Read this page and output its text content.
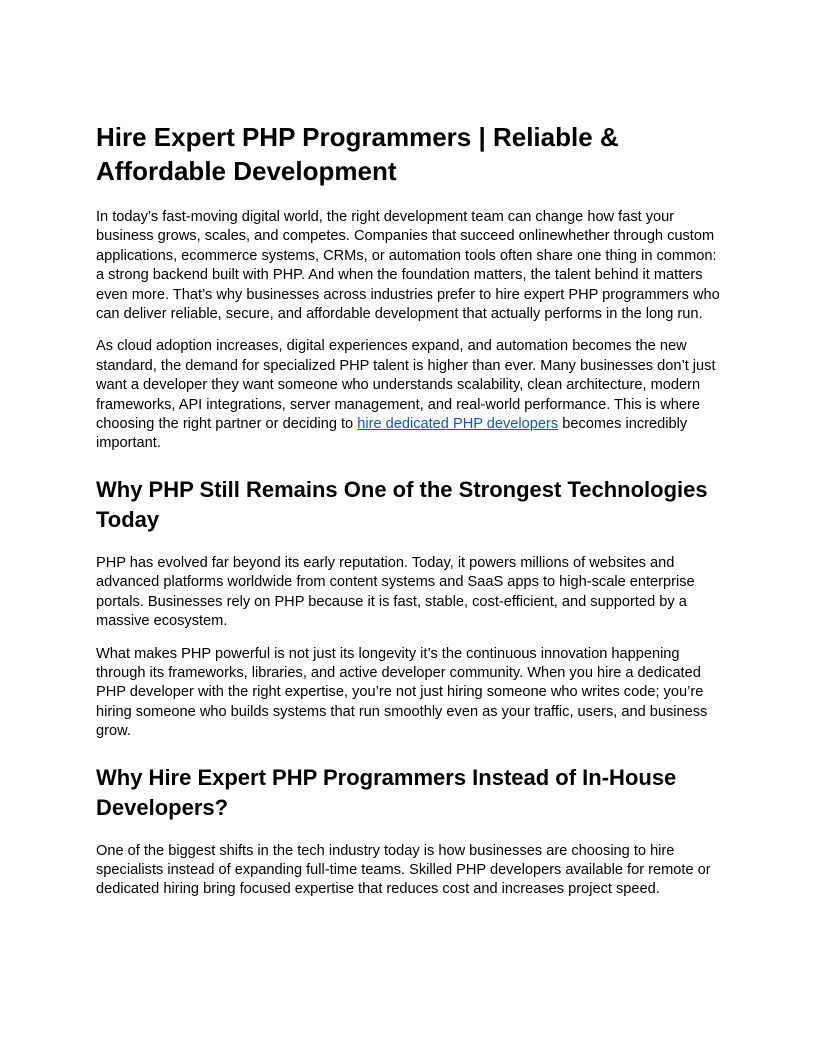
Hire Expert PHP Programmers | Reliable & Affordable Development

In today’s fast-moving digital world, the right development team can change how fast your business grows, scales, and competes. Companies that succeed onlinewhether through custom applications, ecommerce systems, CRMs, or automation tools often share one thing in common: a strong backend built with PHP. And when the foundation matters, the talent behind it matters even more. That’s why businesses across industries prefer to hire expert PHP programmers who can deliver reliable, secure, and affordable development that actually performs in the long run.

As cloud adoption increases, digital experiences expand, and automation becomes the new standard, the demand for specialized PHP talent is higher than ever. Many businesses don’t just want a developer they want someone who understands scalability, clean architecture, modern frameworks, API integrations, server management, and real-world performance. This is where choosing the right partner or deciding to hire dedicated PHP developers becomes incredibly important.

Why PHP Still Remains One of the Strongest Technologies Today

PHP has evolved far beyond its early reputation. Today, it powers millions of websites and advanced platforms worldwide from content systems and SaaS apps to high-scale enterprise portals. Businesses rely on PHP because it is fast, stable, cost-efficient, and supported by a massive ecosystem.

What makes PHP powerful is not just its longevity it’s the continuous innovation happening through its frameworks, libraries, and active developer community. When you hire a dedicated PHP developer with the right expertise, you’re not just hiring someone who writes code; you’re hiring someone who builds systems that run smoothly even as your traffic, users, and business grow.

Why Hire Expert PHP Programmers Instead of In-House Developers?

One of the biggest shifts in the tech industry today is how businesses are choosing to hire specialists instead of expanding full-time teams. Skilled PHP developers available for remote or dedicated hiring bring focused expertise that reduces cost and increases project speed.
